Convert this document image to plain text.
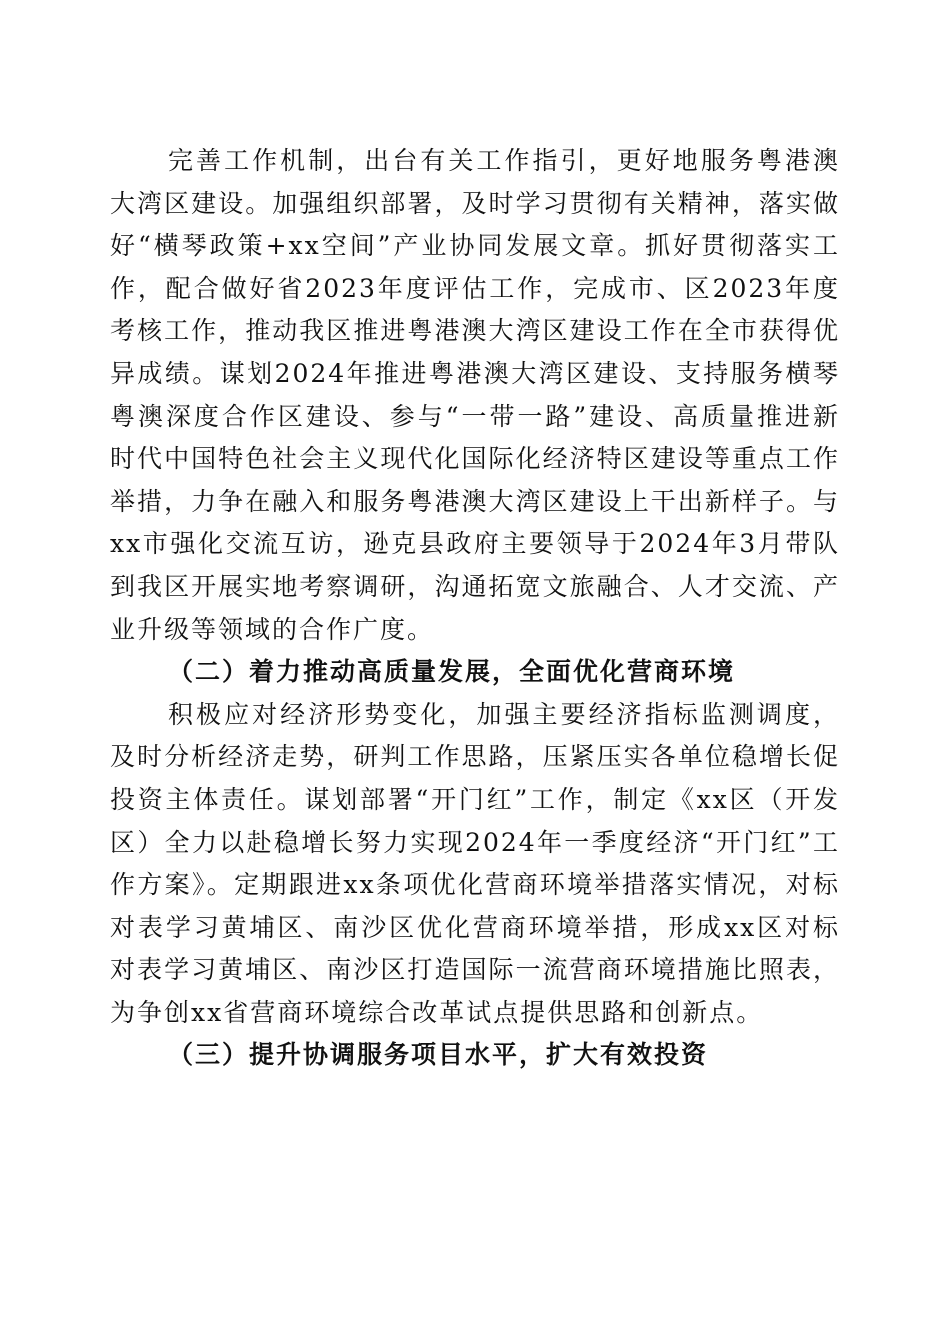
完善工作机制，出台有关工作指引，更好地服务粤港澳大湾区建设。加强组织部署，及时学习贯彻有关精神，落实做好“横琴政策+xx空间”产业协同发展文章。抓好贯彻落实工作，配合做好省2023年度评估工作，完成市、区2023年度考核工作，推动我区推进粤港澳大湾区建设工作在全市获得优异成绩。谋划2024年推进粤港澳大湾区建设、支持服务横琴粤澳深度合作区建设、参与“一带一路”建设、高质量推进新时代中国特色社会主义现代化国际化经济特区建设等重点工作举措，力争在融入和服务粤港澳大湾区建设上干出新样子。与xx市强化交流互访，逊克县政府主要领导于2024年3月带队到我区开展实地考察调研，沟通拓宽文旅融合、人才交流、产业升级等领域的合作广度。

（二）着力推动高质量发展，全面优化营商环境

积极应对经济形势变化，加强主要经济指标监测调度，及时分析经济走势，研判工作思路，压紧压实各单位稳增长促投资主体责任。谋划部署“开门红”工作，制定《xx区（开发区）全力以赴稳增长努力实现2024年一季度经济“开门红”工作方案》。定期跟进xx条项优化营商环境举措落实情况，对标对表学习黄埔区、南沙区优化营商环境举措，形成xx区对标对表学习黄埔区、南沙区打造国际一流营商环境措施比照表，为争创xx省营商环境综合改革试点提供思路和创新点。

（三）提升协调服务项目水平，扩大有效投资
